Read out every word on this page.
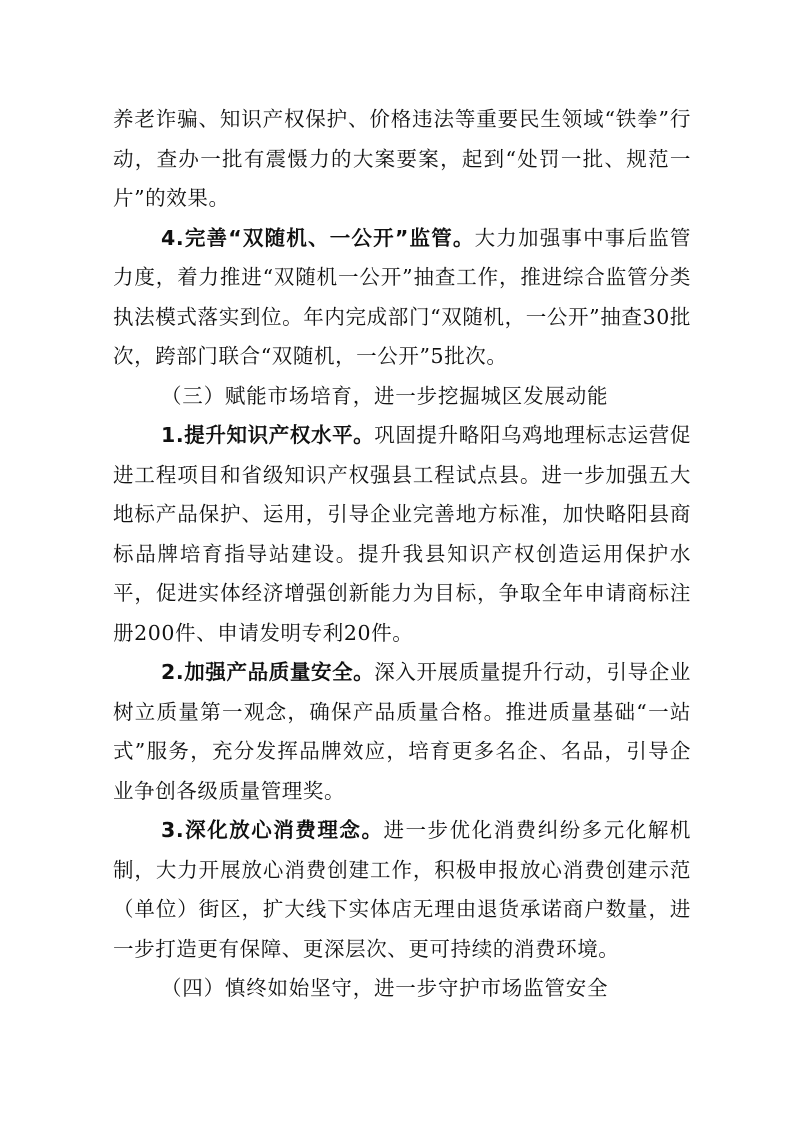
养老诈骗、知识产权保护、价格违法等重要民生领域“铁拳”行动，查办一批有震慑力的大案要案，起到“处罚一批、规范一片”的效果。

4.完善“双随机、一公开”监管。大力加强事中事后监管力度，着力推进“双随机一公开”抽查工作，推进综合监管分类执法模式落实到位。年内完成部门“双随机，一公开”抽查30批次，跨部门联合“双随机，一公开”5批次。

（三）赋能市场培育，进一步挖掘城区发展动能

1.提升知识产权水平。巩固提升略阳乌鸡地理标志运营促进工程项目和省级知识产权强县工程试点县。进一步加强五大地标产品保护、运用，引导企业完善地方标准，加快略阳县商标品牌培育指导站建设。提升我县知识产权创造运用保护水平，促进实体经济增强创新能力为目标，争取全年申请商标注册200件、申请发明专利20件。

2.加强产品质量安全。深入开展质量提升行动，引导企业树立质量第一观念，确保产品质量合格。推进质量基础“一站式”服务，充分发挥品牌效应，培育更多名企、名品，引导企业争创各级质量管理奖。

3.深化放心消费理念。进一步优化消费纠纷多元化解机制，大力开展放心消费创建工作，积极申报放心消费创建示范（单位）街区，扩大线下实体店无理由退货承诺商户数量，进一步打造更有保障、更深层次、更可持续的消费环境。

（四）慎终如始坚守，进一步守护市场监管安全
